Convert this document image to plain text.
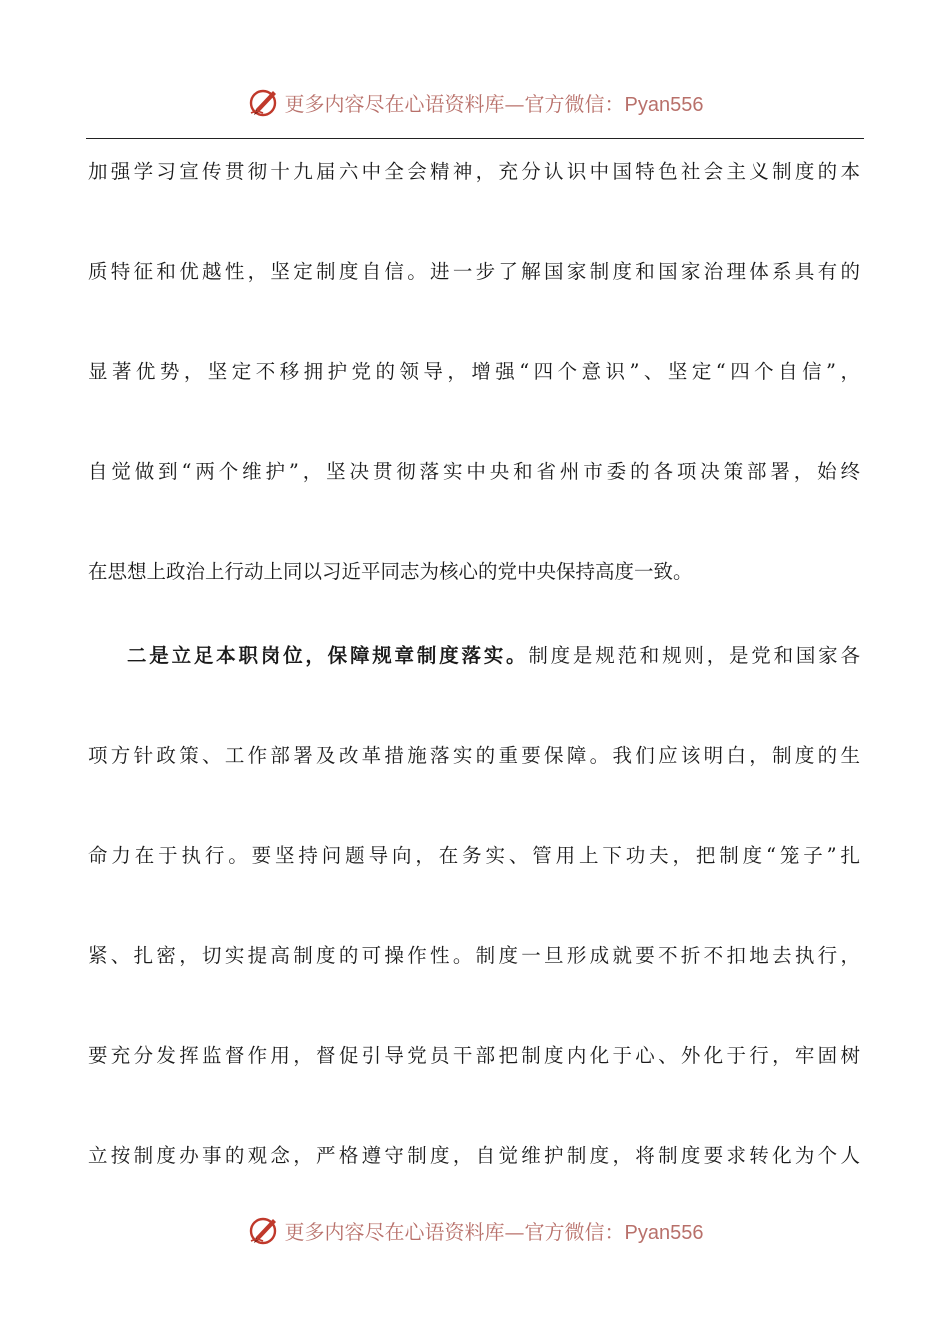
更多内容尽在心语资料库—官方微信：Pyan556
加强学习宣传贯彻十九届六中全会精神，充分认识中国特色社会主义制度的本
质特征和优越性，坚定制度自信。进一步了解国家制度和国家治理体系具有的
显著优势，坚定不移拥护党的领导，增强“四个意识”、坚定“四个自信”，
自觉做到“两个维护”，坚决贯彻落实中央和省州市委的各项决策部署，始终
在思想上政治上行动上同以习近平同志为核心的党中央保持高度一致。
二是立足本职岗位，保障规章制度落实。制度是规范和规则，是党和国家各
项方针政策、工作部署及改革措施落实的重要保障。我们应该明白，制度的生
命力在于执行。要坚持问题导向，在务实、管用上下功夫，把制度“笼子”扎
紧、扎密，切实提高制度的可操作性。制度一旦形成就要不折不扣地去执行，
要充分发挥监督作用，督促引导党员干部把制度内化于心、外化于行，牢固树
立按制度办事的观念，严格遵守制度，自觉维护制度，将制度要求转化为个人
更多内容尽在心语资料库—官方微信：Pyan556
